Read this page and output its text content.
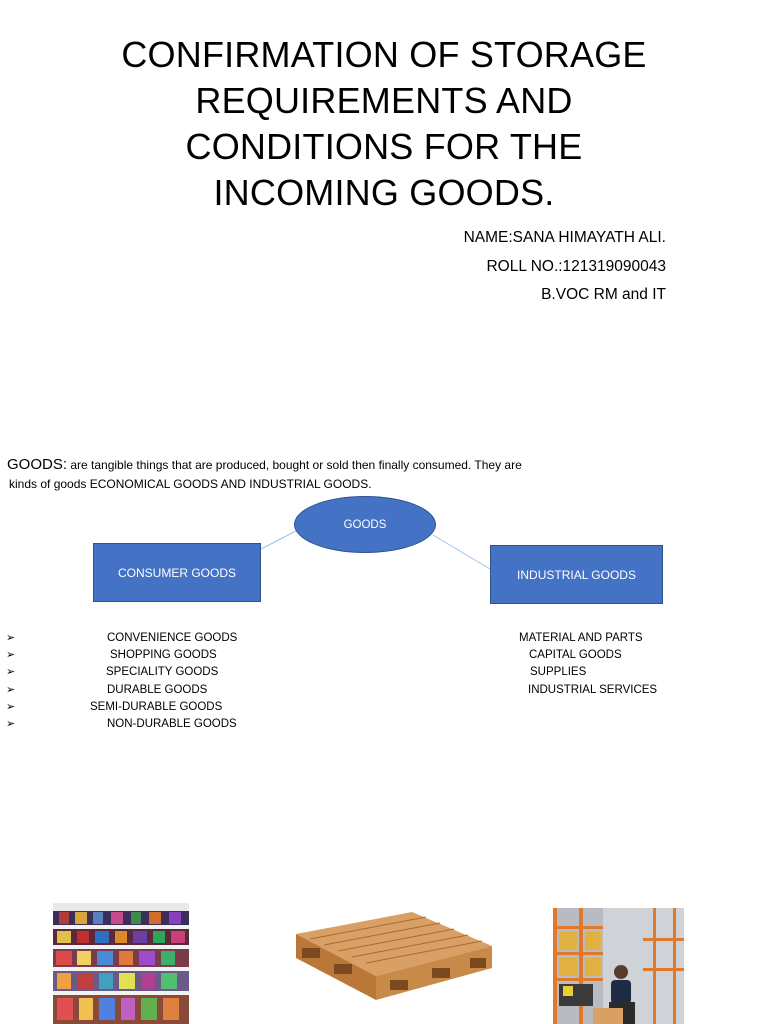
CONFIRMATION OF STORAGE
REQUIREMENTS AND
CONDITIONS FOR THE
INCOMING GOODS.

NAME:SANA HIMAYATH ALI.

ROLL NO.:121319090043

B.VOC RM and IT

GOODS: are tangible things that are produced, bought or sold then finally consumed. They are
kinds of goods ECONOMICAL GOODS AND INDUSTRIAL GOODS.
GOODS
CONSUMER GOODS	INDUSTRIAL GOODS
➢	CONVENIENCE GOODS
➢	SHOPPING GOODS
➢	SPECIALITY GOODS
➢	DURABLE GOODS
➢	SEMI-DURABLE GOODS
➢	NON-DURABLE GOODS
MATERIAL AND PARTS
CAPITAL GOODS
SUPPLIES
INDUSTRIAL SERVICES
